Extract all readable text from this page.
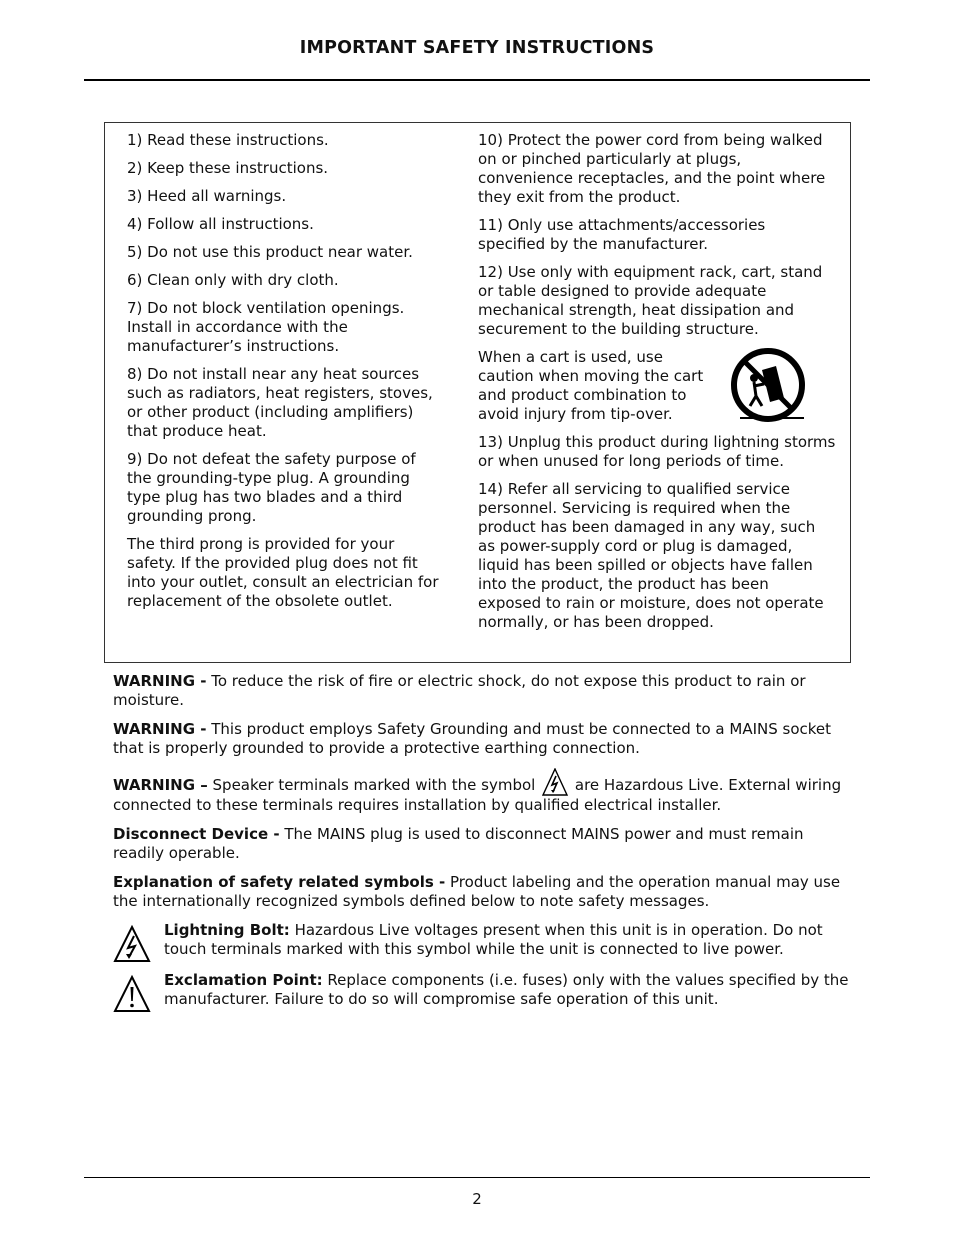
IMPORTANT SAFETY INSTRUCTIONS

1) Read these instructions.

2) Keep these instructions.

3) Heed all warnings.

4) Follow all instructions.

5) Do not use this product near water.

6) Clean only with dry cloth.

7) Do not block ventilation openings. Install in accordance with the manufacturer’s instructions.

8) Do not install near any heat sources such as radiators, heat registers, stoves, or other product (including amplifiers) that produce heat.

9) Do not defeat the safety purpose of the grounding-type plug. A grounding type plug has two blades and a third grounding prong.

The third prong is provided for your safety. If the provided plug does not fit into your outlet, consult an electrician for replacement of the obsolete outlet.

10) Protect the power cord from being walked on or pinched particularly at plugs, convenience receptacles, and the point where they exit from the product.

11) Only use attachments/accessories specified by the manufacturer.

12) Use only with equipment rack, cart, stand or table designed to provide adequate mechanical strength, heat dissipation and securement to the building structure.

When a cart is used, use caution when moving the cart and product combination to avoid injury from tip-over.

13) Unplug this product during lightning storms or when unused for long periods of time.

14) Refer all servicing to qualified service personnel. Servicing is required when the product has been damaged in any way, such as power-supply cord or plug is damaged, liquid has been spilled or objects have fallen into the product, the product has been exposed to rain or moisture, does not operate normally, or has been dropped.

WARNING - To reduce the risk of fire or electric shock, do not expose this product to rain or moisture.

WARNING - This product employs Safety Grounding and must be connected to a MAINS socket that is properly grounded to provide a protective earthing connection.

WARNING – Speaker terminals marked with the symbol  are Hazardous Live. External wiring connected to these terminals requires installation by qualified electrical installer.

Disconnect Device - The MAINS plug is used to disconnect MAINS power and must remain readily operable.

Explanation of safety related symbols - Product labeling and the operation manual may use the internationally recognized symbols defined below to note safety messages.

Lightning Bolt: Hazardous Live voltages present when this unit is in operation. Do not touch terminals marked with this symbol while the unit is connected to live power.

Exclamation Point: Replace components (i.e. fuses) only with the values specified by the manufacturer. Failure to do so will compromise safe operation of this unit.

2
